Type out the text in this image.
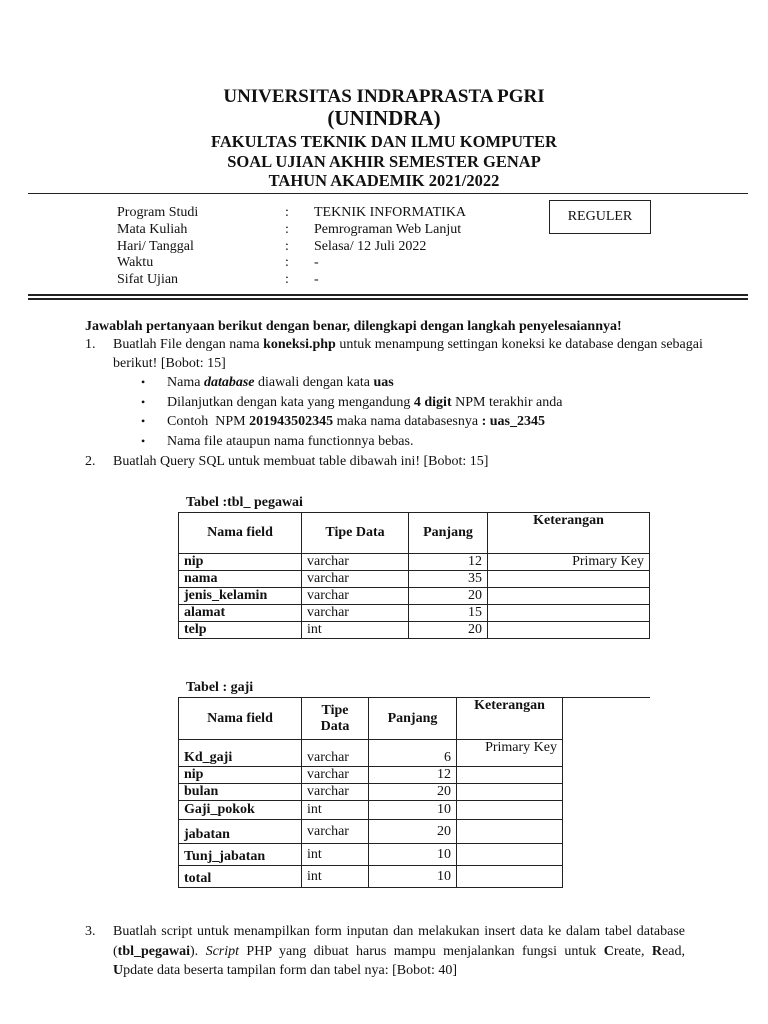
UNIVERSITAS INDRAPRASTA PGRI
(UNINDRA)
FAKULTAS TEKNIK DAN ILMU KOMPUTER
SOAL UJIAN AKHIR SEMESTER GENAP
TAHUN AKADEMIK 2021/2022
Program Studi	: TEKNIK INFORMATIKA
Mata Kuliah	: Pemrograman Web Lanjut
Hari/ Tanggal	: Selasa/ 12 Juli 2022
Waktu	: -
Sifat Ujian	: -
REGULER
Jawablah pertanyaan berikut dengan benar, dilengkapi dengan langkah penyelesaiannya!
1. Buatlah File dengan nama koneksi.php untuk menampung settingan koneksi ke database dengan sebagai berikut! [Bobot: 15]
• Nama database diawali dengan kata uas
• Dilanjutkan dengan kata yang mengandung 4 digit NPM terakhir anda
• Contoh  NPM 201943502345 maka nama databasesnya : uas_2345
• Nama file ataupun nama functionnya bebas.
2. Buatlah Query SQL untuk membuat table dibawah ini! [Bobot: 15]
Tabel :tbl_ pegawai
Nama field	Tipe Data	Panjang	Keterangan
nip	varchar	12	Primary Key
nama	varchar	35	
jenis_kelamin	varchar	20	
alamat	varchar	15	
telp	int	20	
Tabel : gaji
Nama field	Tipe Data	Panjang	Keterangan
Kd_gaji	varchar	6	Primary Key
nip	varchar	12	
bulan	varchar	20	
Gaji_pokok	int	10	
jabatan	varchar	20	
Tunj_jabatan	int	10	
total	int	10	
3. Buatlah script untuk menampilkan form inputan dan melakukan insert data ke dalam tabel database (tbl_pegawai). Script PHP yang dibuat harus mampu menjalankan fungsi untuk Create, Read, Update data beserta tampilan form dan tabel nya: [Bobot: 40]
